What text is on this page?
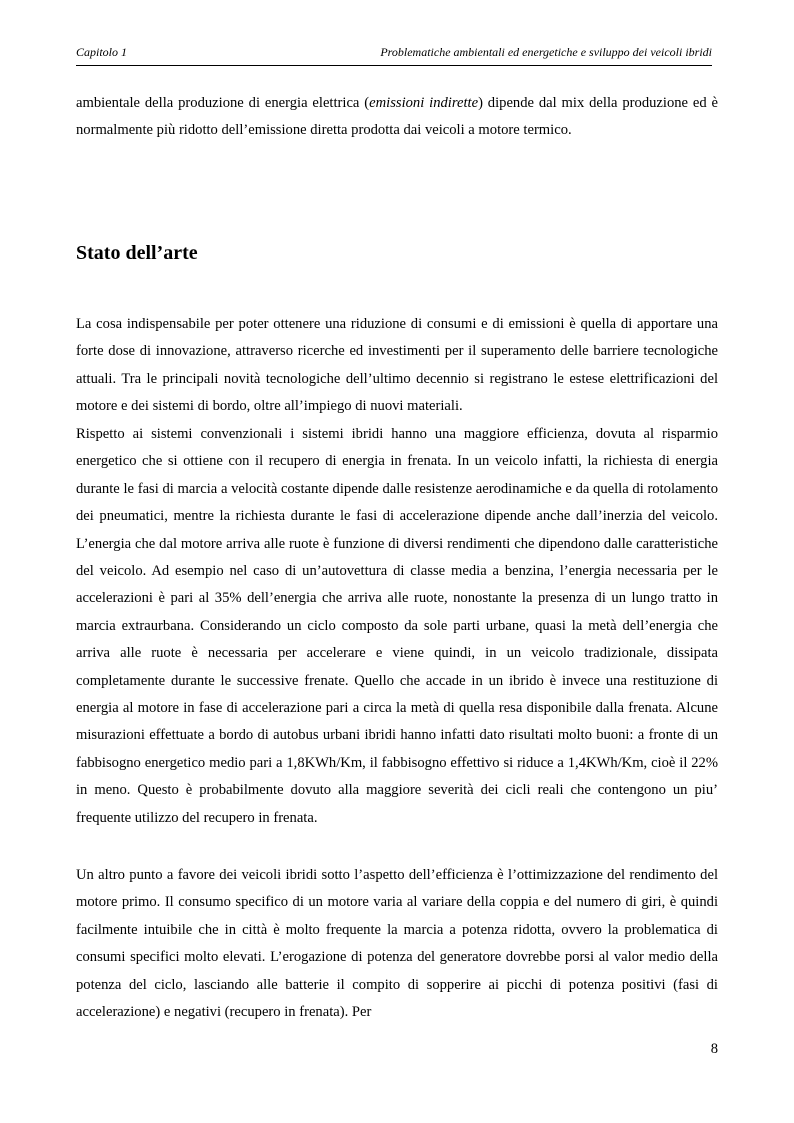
Capitolo 1	Problematiche ambientali ed energetiche e sviluppo dei veicoli ibridi

ambientale della produzione di energia elettrica (emissioni indirette) dipende dal mix della produzione ed è normalmente più ridotto dell’emissione diretta prodotta dai veicoli a motore termico.

Stato dell’arte

La cosa indispensabile per poter ottenere una riduzione di consumi e di emissioni è quella di apportare una forte dose di innovazione, attraverso ricerche ed investimenti per il superamento delle barriere tecnologiche attuali. Tra le principali novità tecnologiche dell’ultimo decennio si registrano le estese elettrificazioni del motore e dei sistemi di bordo, oltre all’impiego di nuovi materiali.

Rispetto ai sistemi convenzionali i sistemi ibridi hanno una maggiore efficienza, dovuta al risparmio energetico che si ottiene con il recupero di energia in frenata. In un veicolo infatti, la richiesta di energia durante le fasi di marcia a velocità costante dipende dalle resistenze aerodinamiche e da quella di rotolamento dei pneumatici, mentre la richiesta durante le fasi di accelerazione dipende anche dall’inerzia del veicolo. L’energia che dal motore arriva alle ruote è funzione di diversi rendimenti che dipendono dalle caratteristiche del veicolo. Ad esempio nel caso di un’autovettura di classe media a benzina, l’energia necessaria per le accelerazioni è pari al 35% dell’energia che arriva alle ruote, nonostante la presenza di un lungo tratto in marcia extraurbana. Considerando un ciclo composto da sole parti urbane, quasi la metà dell’energia che arriva alle ruote è necessaria per accelerare e viene quindi, in un veicolo tradizionale, dissipata completamente durante le successive frenate. Quello che accade in un ibrido è invece una restituzione di energia al motore in fase di accelerazione pari a circa la metà di quella resa disponibile dalla frenata. Alcune misurazioni effettuate a bordo di autobus urbani ibridi hanno infatti dato risultati molto buoni: a fronte di un fabbisogno energetico medio pari a 1,8KWh/Km, il fabbisogno effettivo si riduce a 1,4KWh/Km, cioè il 22% in meno. Questo è probabilmente dovuto alla maggiore severità dei cicli reali che contengono un piu’ frequente utilizzo del recupero in frenata.

Un altro punto a favore dei veicoli ibridi sotto l’aspetto dell’efficienza è l’ottimizzazione del rendimento del motore primo. Il consumo specifico di un motore varia al variare della coppia e del numero di giri, è quindi facilmente intuibile che in città è molto frequente la marcia a potenza ridotta, ovvero la problematica di consumi specifici molto elevati. L’erogazione di potenza del generatore dovrebbe porsi al valor medio della potenza del ciclo, lasciando alle batterie il compito di sopperire ai picchi di potenza positivi (fasi di accelerazione) e negativi (recupero in frenata). Per

8
